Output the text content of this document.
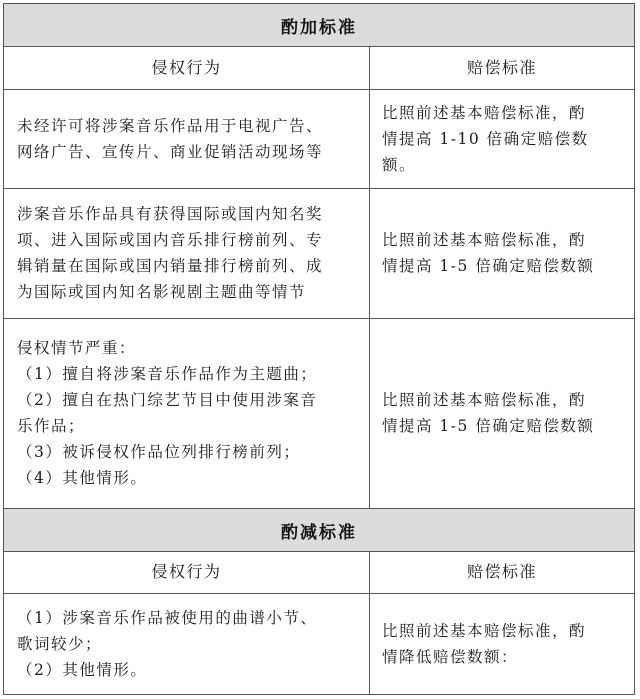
酌加标准
侵权行为	赔偿标准
未经许可将涉案音乐作品用于电视广告、
网络广告、宣传片、商业促销活动现场等
比照前述基本赔偿标准，酌
情提高 1-10 倍确定赔偿数
额。
涉案音乐作品具有获得国际或国内知名奖
项、进入国际或国内音乐排行榜前列、专
辑销量在国际或国内销量排行榜前列、成
为国际或国内知名影视剧主题曲等情节
比照前述基本赔偿标准，酌
情提高 1-5 倍确定赔偿数额
侵权情节严重：
（1）擅自将涉案音乐作品作为主题曲；
（2）擅自在热门综艺节目中使用涉案音
乐作品；
（3）被诉侵权作品位列排行榜前列；
（4）其他情形。
比照前述基本赔偿标准，酌
情提高 1-5 倍确定赔偿数额
酌减标准
侵权行为	赔偿标准
（1）涉案音乐作品被使用的曲谱小节、
歌词较少；
（2）其他情形。
比照前述基本赔偿标准，酌
情降低赔偿数额：
